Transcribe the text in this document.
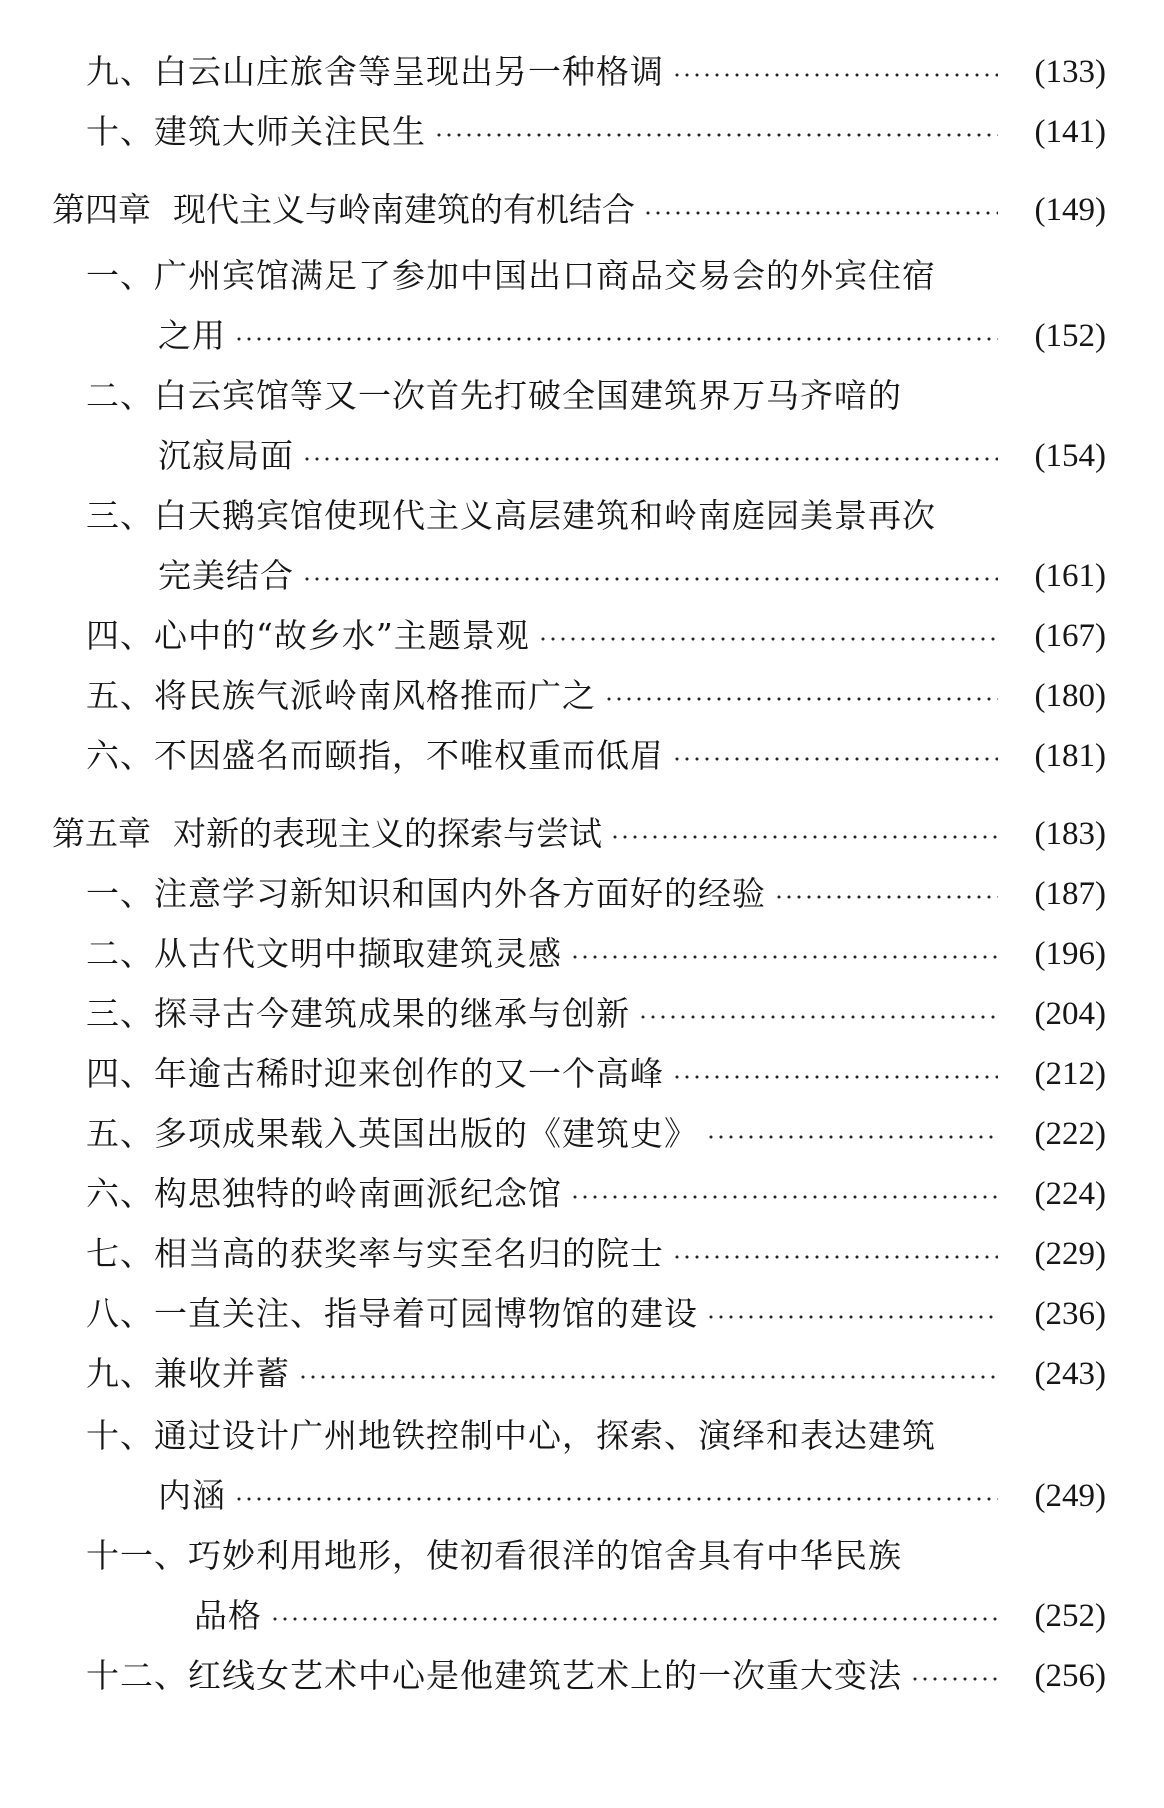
九、白云山庄旅舍等呈现出另一种格调	(133)
十、建筑大师关注民生	(141)
第四章 现代主义与岭南建筑的有机结合	(149)
一、广州宾馆满足了参加中国出口商品交易会的外宾住宿
之用	(152)
二、白云宾馆等又一次首先打破全国建筑界万马齐喑的
沉寂局面	(154)
三、白天鹅宾馆使现代主义高层建筑和岭南庭园美景再次
完美结合	(161)
四、心中的“故乡水”主题景观	(167)
五、将民族气派岭南风格推而广之	(180)
六、不因盛名而颐指，不唯权重而低眉	(181)
第五章 对新的表现主义的探索与尝试	(183)
一、注意学习新知识和国内外各方面好的经验	(187)
二、从古代文明中撷取建筑灵感	(196)
三、探寻古今建筑成果的继承与创新	(204)
四、年逾古稀时迎来创作的又一个高峰	(212)
五、多项成果载入英国出版的《建筑史》	(222)
六、构思独特的岭南画派纪念馆	(224)
七、相当高的获奖率与实至名归的院士	(229)
八、一直关注、指导着可园博物馆的建设	(236)
九、兼收并蓄	(243)
十、通过设计广州地铁控制中心，探索、演绎和表达建筑
内涵	(249)
十一、巧妙利用地形，使初看很洋的馆舍具有中华民族
品格	(252)
十二、红线女艺术中心是他建筑艺术上的一次重大变法	(256)
